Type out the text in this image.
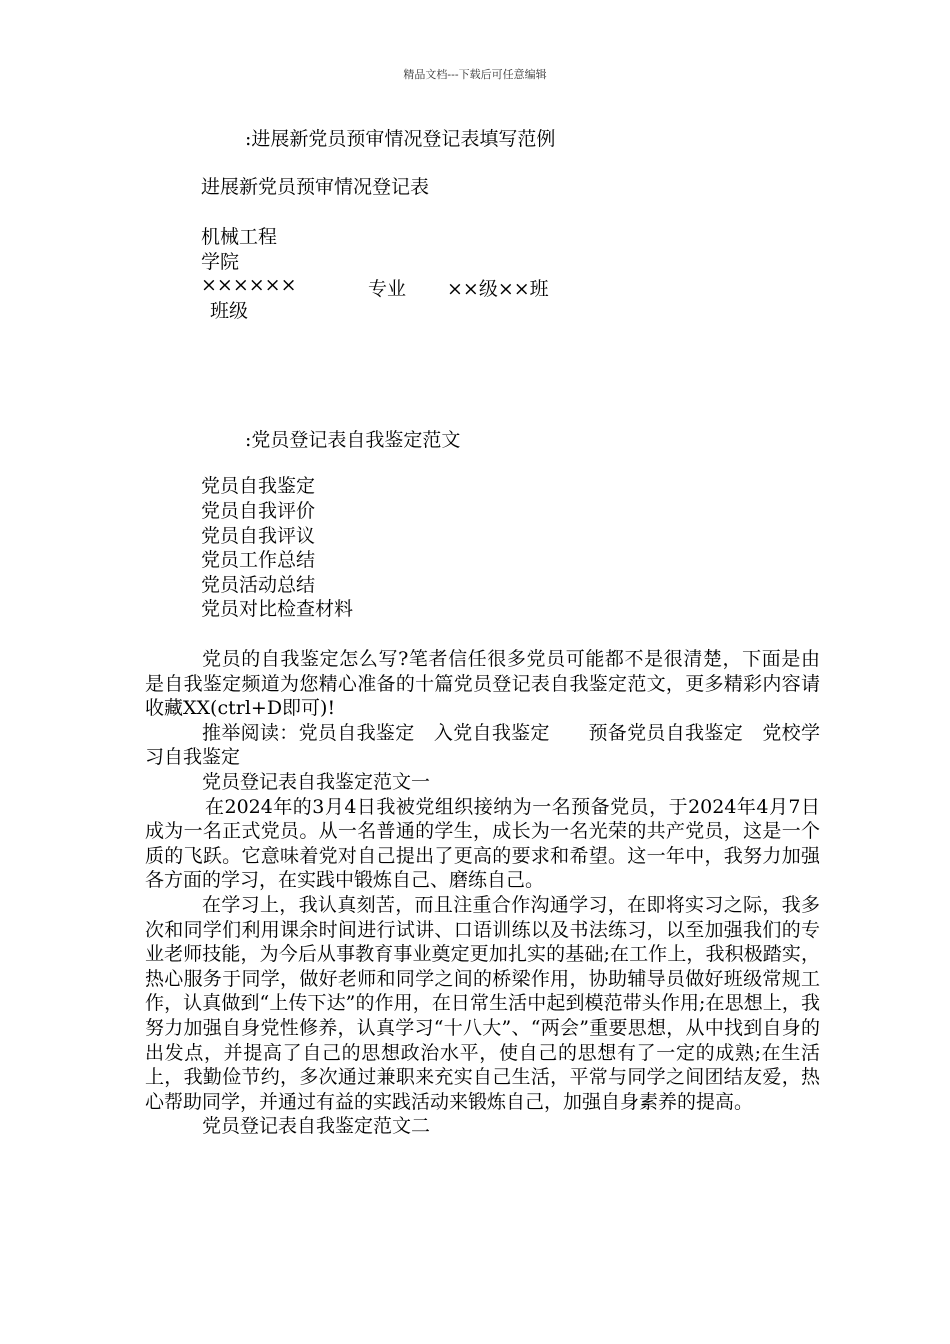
精品文档---下载后可任意编辑
:进展新党员预审情况登记表填写范例
进展新党员预审情况登记表
机械工程
学院
××××××	专业 ××级××班
班级
:党员登记表自我鉴定范文
党员自我鉴定
党员自我评价
党员自我评议
党员工作总结
党员活动总结
党员对比检查材料

党员的自我鉴定怎么写?笔者信任很多党员可能都不是很清楚，下面是由是自我鉴定频道为您精心准备的十篇党员登记表自我鉴定范文，更多精彩内容请收藏XX(ctrl+D即可)!

推举阅读：党员自我鉴定　入党自我鉴定　　预备党员自我鉴定　党校学习自我鉴定

党员登记表自我鉴定范文一

在2024年的3月4日我被党组织接纳为一名预备党员，于2024年4月7日成为一名正式党员。从一名普通的学生，成长为一名光荣的共产党员，这是一个质的飞跃。它意味着党对自己提出了更高的要求和希望。这一年中，我努力加强各方面的学习，在实践中锻炼自己、磨练自己。

在学习上，我认真刻苦，而且注重合作沟通学习，在即将实习之际，我多次和同学们利用课余时间进行试讲、口语训练以及书法练习，以至加强我们的专业老师技能，为今后从事教育事业奠定更加扎实的基础;在工作上，我积极踏实，热心服务于同学，做好老师和同学之间的桥梁作用，协助辅导员做好班级常规工作，认真做到“上传下达”的作用，在日常生活中起到模范带头作用;在思想上，我努力加强自身党性修养，认真学习“十八大”、“两会”重要思想，从中找到自身的出发点，并提高了自己的思想政治水平，使自己的思想有了一定的成熟;在生活上，我勤俭节约，多次通过兼职来充实自己生活，平常与同学之间团结友爱，热心帮助同学，并通过有益的实践活动来锻炼自己，加强自身素养的提高。

党员登记表自我鉴定范文二
